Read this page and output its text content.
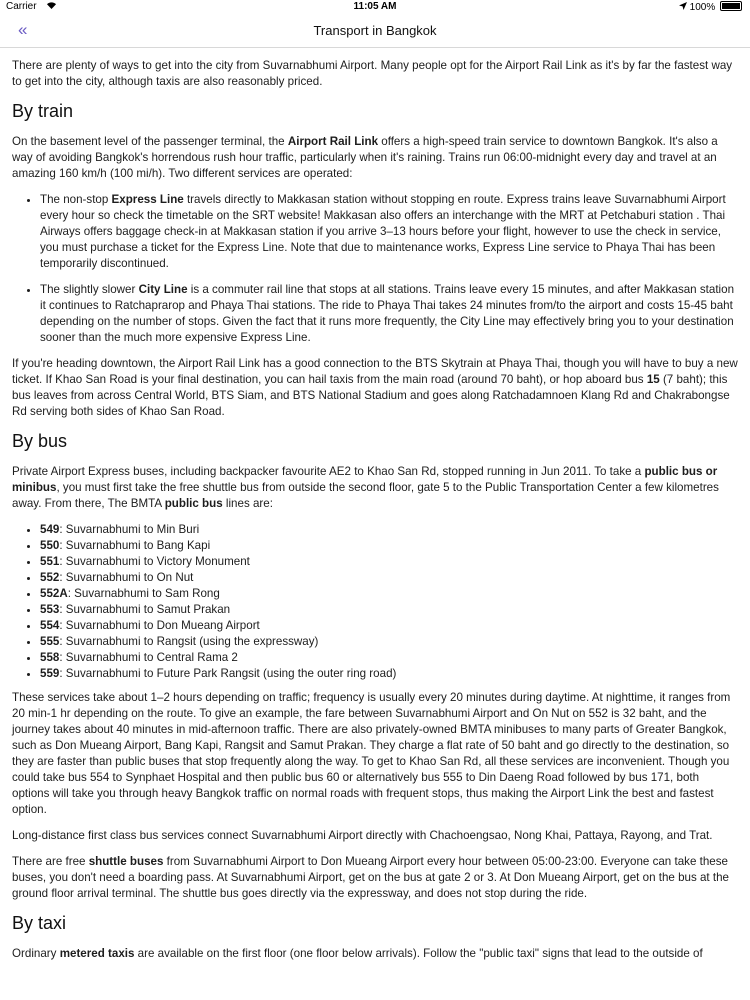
Carrier	11:05 AM	100%
«	Transport in Bangkok

There are plenty of ways to get into the city from Suvarnabhumi Airport. Many people opt for the Airport Rail Link as it's by far the fastest way to get into the city, although taxis are also reasonably priced.

By train

On the basement level of the passenger terminal, the Airport Rail Link offers a high-speed train service to downtown Bangkok. It's also a way of avoiding Bangkok's horrendous rush hour traffic, particularly when it's raining. Trains run 06:00-midnight every day and travel at an amazing 160 km/h (100 mi/h). Two different services are operated:

• The non-stop Express Line travels directly to Makkasan station without stopping en route. Express trains leave Suvarnabhumi Airport every hour so check the timetable on the SRT website! Makkasan also offers an interchange with the MRT at Petchaburi station . Thai Airways offers baggage check-in at Makkasan station if you arrive 3–13 hours before your flight, however to use the check in service, you must purchase a ticket for the Express Line. Note that due to maintenance works, Express Line service to Phaya Thai has been temporarily discontinued.
• The slightly slower City Line is a commuter rail line that stops at all stations. Trains leave every 15 minutes, and after Makkasan station it continues to Ratchaprarop and Phaya Thai stations. The ride to Phaya Thai takes 24 minutes from/to the airport and costs 15-45 baht depending on the number of stops. Given the fact that it runs more frequently, the City Line may effectively bring you to your destination sooner than the much more expensive Express Line.

If you're heading downtown, the Airport Rail Link has a good connection to the BTS Skytrain at Phaya Thai, though you will have to buy a new ticket. If Khao San Road is your final destination, you can hail taxis from the main road (around 70 baht), or hop aboard bus 15 (7 baht); this bus leaves from across Central World, BTS Siam, and BTS National Stadium and goes along Ratchadamnoen Klang Rd and Chakrabongse Rd serving both sides of Khao San Road.

By bus

Private Airport Express buses, including backpacker favourite AE2 to Khao San Rd, stopped running in Jun 2011. To take a public bus or minibus, you must first take the free shuttle bus from outside the second floor, gate 5 to the Public Transportation Center a few kilometres away. From there, The BMTA public bus lines are:

• 549: Suvarnabhumi to Min Buri
• 550: Suvarnabhumi to Bang Kapi
• 551: Suvarnabhumi to Victory Monument
• 552: Suvarnabhumi to On Nut
• 552A: Suvarnabhumi to Sam Rong
• 553: Suvarnabhumi to Samut Prakan
• 554: Suvarnabhumi to Don Mueang Airport
• 555: Suvarnabhumi to Rangsit (using the expressway)
• 558: Suvarnabhumi to Central Rama 2
• 559: Suvarnabhumi to Future Park Rangsit (using the outer ring road)

These services take about 1–2 hours depending on traffic; frequency is usually every 20 minutes during daytime. At nighttime, it ranges from 20 min-1 hr depending on the route. To give an example, the fare between Suvarnabhumi Airport and On Nut on 552 is 32 baht, and the journey takes about 40 minutes in mid-afternoon traffic. There are also privately-owned BMTA minibuses to many parts of Greater Bangkok, such as Don Mueang Airport, Bang Kapi, Rangsit and Samut Prakan. They charge a flat rate of 50 baht and go directly to the destination, so they are faster than public buses that stop frequently along the way. To get to Khao San Rd, all these services are inconvenient. Though you could take bus 554 to Synphaet Hospital and then public bus 60 or alternatively bus 555 to Din Daeng Road followed by bus 171, both options will take you through heavy Bangkok traffic on normal roads with frequent stops, thus making the Airport Link the best and fastest option.

Long-distance first class bus services connect Suvarnabhumi Airport directly with Chachoengsao, Nong Khai, Pattaya, Rayong, and Trat.

There are free shuttle buses from Suvarnabhumi Airport to Don Mueang Airport every hour between 05:00-23:00. Everyone can take these buses, you don't need a boarding pass. At Suvarnabhumi Airport, get on the bus at gate 2 or 3. At Don Mueang Airport, get on the bus at the ground floor arrival terminal. The shuttle bus goes directly via the expressway, and does not stop during the ride.

By taxi

Ordinary metered taxis are available on the first floor (one floor below arrivals). Follow the "public taxi" signs that lead to the outside of
